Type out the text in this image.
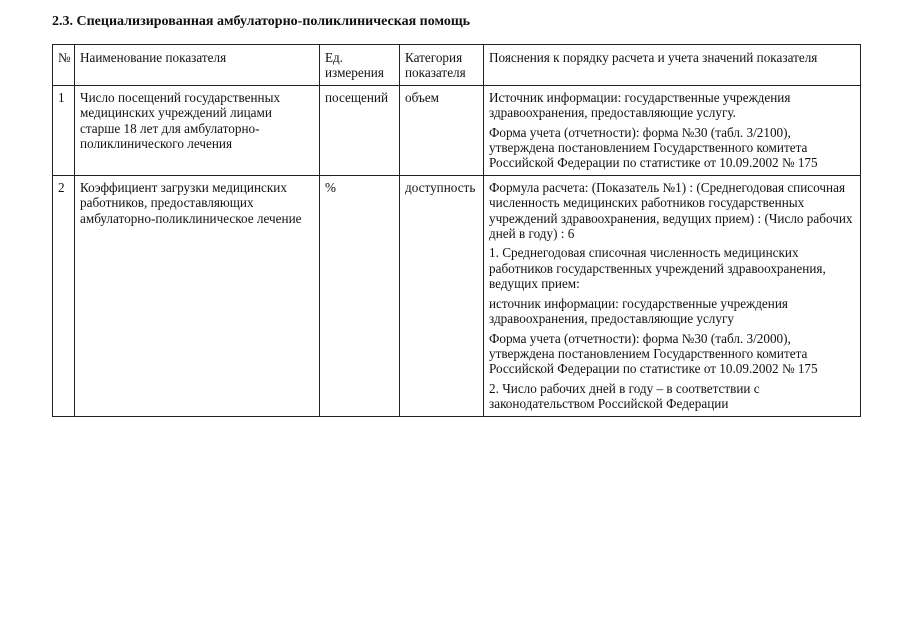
2.3. Специализированная амбулаторно-поликлиническая помощь
№	Наименование показателя	Ед. измерения	Категория показателя	Пояснения к порядку расчета и учета значений показателя
1	Число посещений государственных медицинских учреждений лицами старше 18 лет для амбулаторно-поликлинического лечения	посещений	объем	Источник информации: государственные учреждения здравоохранения, предоставляющие услугу.
Форма учета (отчетности): форма №30 (табл. 3/2100), утверждена постановлением Государственного комитета Российской Федерации по статистике от 10.09.2002 № 175

2	Коэффициент загрузки медицинских работников, предоставляющих амбулаторно-поликлиническое лечение	%	доступность	Формула расчета: (Показатель №1) : (Среднегодовая списочная численность медицинских работников государственных учреждений здравоохранения, ведущих прием) : (Число рабочих дней в году) : 6
1. Среднегодовая списочная численность медицинских работников государственных учреждений здравоохранения, ведущих прием:
источник информации: государственные учреждения здравоохранения, предоставляющие услугу
Форма учета (отчетности): форма №30 (табл. 3/2000), утверждена постановлением Государственного комитета Российской Федерации по статистике от 10.09.2002 № 175
2. Число рабочих дней в году – в соответствии с законодательством Российской Федерации
